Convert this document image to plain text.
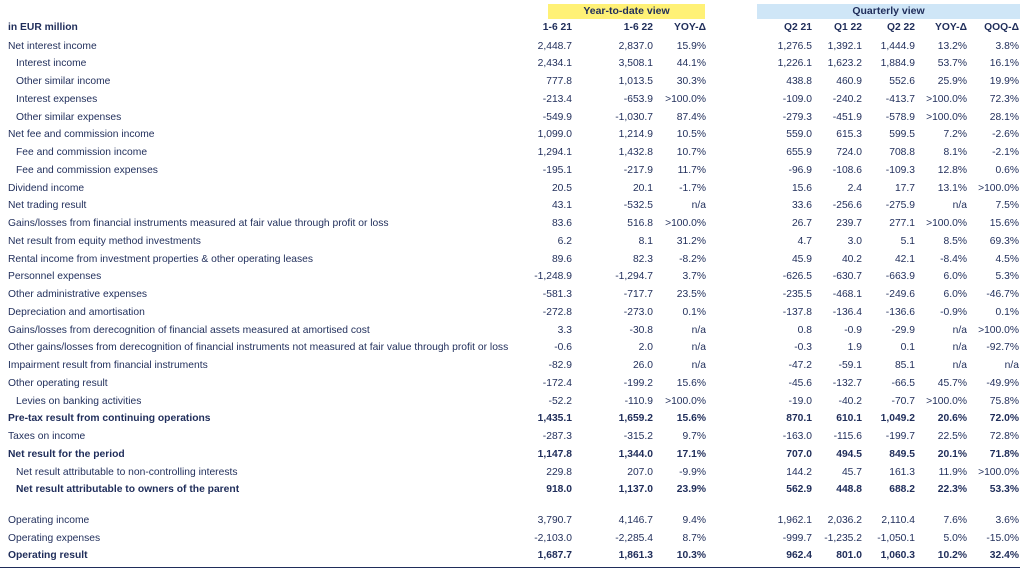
Year-to-date view	Quarterly view
in EUR million	1-6 21	1-6 22 YOY-Δ	Q2 21 Q1 22 Q2 22 YOY-Δ QOQ-Δ
Net interest income	2,448.7	2,837.0 15.9%	1,276.5 1,392.1 1,444.9 13.2%	3.8%
Interest income	2,434.1	3,508.1 44.1%	1,226.1 1,623.2 1,884.9 53.7% 16.1%
Other similar income	777.8	1,013.5 30.3%	438.8 460.9	552.6 25.9% 19.9%
Interest expenses	-213.4	-653.9 >100.0%	-109.0 -240.2 -413.7 >100.0% 72.3%
Other similar expenses	-549.9	-1,030.7 87.4%	-279.3 -451.9 -578.9 >100.0% 28.1%
Net fee and commission income	1,099.0	1,214.9 10.5%	559.0 615.3	599.5	7.2% -2.6%
Fee and commission income	1,294.1	1,432.8 10.7%	655.9 724.0	708.8	8.1% -2.1%
Fee and commission expenses	-195.1	-217.9 11.7%	-96.9 -108.6 -109.3 12.8%	0.6%
Dividend income	20.5	20.1	-1.7%	15.6	2.4	17.7 13.1% >100.0%
Net trading result	43.1	-532.5	n/a	33.6 -256.6 -275.9	n/a	7.5%
Gains/losses from financial instruments measured at fair value through profit or loss	83.6	516.8 >100.0%	26.7 239.7	277.1 >100.0% 15.6%
Net result from equity method investments	6.2	8.1 31.2%	4.7	3.0	5.1	8.5% 69.3%
Rental income from investment properties & other operating leases	89.6	82.3	-8.2%	45.9	40.2	42.1 -8.4%	4.5%
Personnel expenses	-1,248.9	-1,294.7	3.7%	-626.5 -630.7 -663.9	6.0%	5.3%
Other administrative expenses	-581.3	-717.7 23.5%	-235.5 -468.1 -249.6	6.0% -46.7%
Depreciation and amortisation	-272.8	-273.0	0.1%	-137.8 -136.4 -136.6 -0.9%	0.1%
Gains/losses from derecognition of financial assets measured at amortised cost	3.3	-30.8	n/a	0.8	-0.9	-29.9	n/a >100.0%
Other gains/losses from derecognition of financial instruments not measured at fair value through profit or loss	-0.6	2.0	n/a	-0.3	1.9	0.1	n/a -92.7%
Impairment result from financial instruments	-82.9	26.0	n/a	-47.2	-59.1	85.1	n/a	n/a
Other operating result	-172.4	-199.2 15.6%	-45.6 -132.7	-66.5 45.7% -49.9%
Levies on banking activities	-52.2	-110.9 >100.0%	-19.0	-40.2	-70.7 >100.0% 75.8%
Pre-tax result from continuing operations	1,435.1	1,659.2 15.6%	870.1 610.1 1,049.2 20.6% 72.0%
Taxes on income	-287.3	-315.2	9.7%	-163.0 -115.6 -199.7 22.5% 72.8%
Net result for the period	1,147.8	1,344.0 17.1%	707.0 494.5	849.5 20.1% 71.8%
Net result attributable to non-controlling interests	229.8	207.0	-9.9%	144.2	45.7	161.3 11.9% >100.0%
Net result attributable to owners of the parent	918.0	1,137.0 23.9%	562.9 448.8	688.2 22.3% 53.3%
Operating income	3,790.7	4,146.7	9.4%	1,962.1 2,036.2 2,110.4	7.6%	3.6%
Operating expenses	-2,103.0	-2,285.4	8.7%	-999.7 -1,235.2 -1,050.1	5.0% -15.0%
Operating result	1,687.7	1,861.3 10.3%	962.4 801.0 1,060.3 10.2% 32.4%
